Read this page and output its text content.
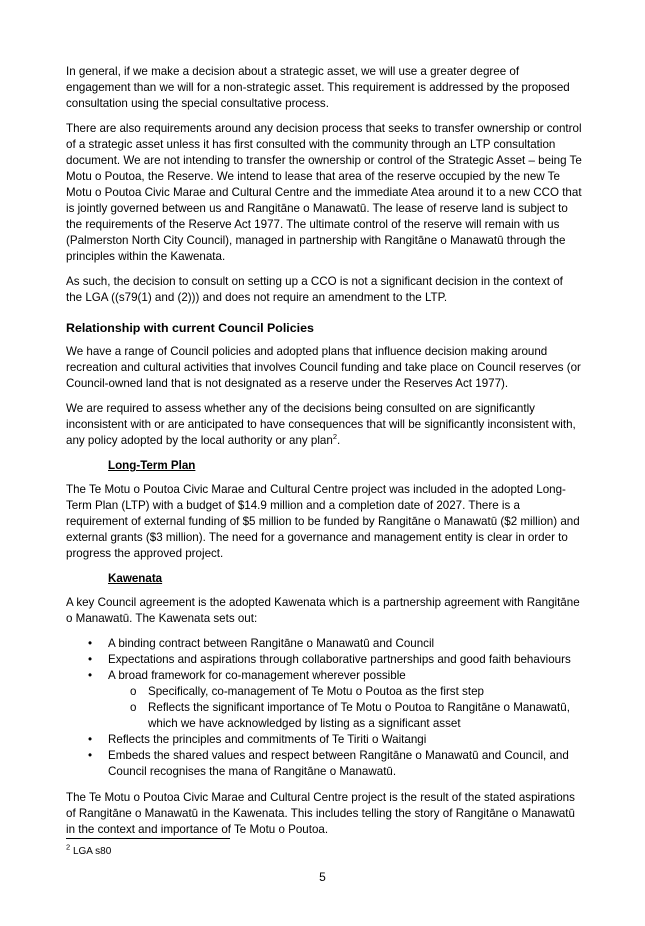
In general, if we make a decision about a strategic asset, we will use a greater degree of engagement than we will for a non-strategic asset. This requirement is addressed by the proposed consultation using the special consultative process.

There are also requirements around any decision process that seeks to transfer ownership or control of a strategic asset unless it has first consulted with the community through an LTP consultation document. We are not intending to transfer the ownership or control of the Strategic Asset – being Te Motu o Poutoa, the Reserve. We intend to lease that area of the reserve occupied by the new Te Motu o Poutoa Civic Marae and Cultural Centre and the immediate Atea around it to a new CCO that is jointly governed between us and Rangitāne o Manawatū. The lease of reserve land is subject to the requirements of the Reserve Act 1977. The ultimate control of the reserve will remain with us (Palmerston North City Council), managed in partnership with Rangitāne o Manawatū through the principles within the Kawenata.

As such, the decision to consult on setting up a CCO is not a significant decision in the context of the LGA ((s79(1) and (2))) and does not require an amendment to the LTP.

Relationship with current Council Policies

We have a range of Council policies and adopted plans that influence decision making around recreation and cultural activities that involves Council funding and take place on Council reserves (or Council-owned land that is not designated as a reserve under the Reserves Act 1977).

We are required to assess whether any of the decisions being consulted on are significantly inconsistent with or are anticipated to have consequences that will be significantly inconsistent with, any policy adopted by the local authority or any plan$^2$.

Long-Term Plan

The Te Motu o Poutoa Civic Marae and Cultural Centre project was included in the adopted Long-Term Plan (LTP) with a budget of $14.9 million and a completion date of 2027. There is a requirement of external funding of $5 million to be funded by Rangitāne o Manawatū ($2 million) and external grants ($3 million). The need for a governance and management entity is clear in order to progress the approved project.

Kawenata

A key Council agreement is the adopted Kawenata which is a partnership agreement with Rangitāne o Manawatū. The Kawenata sets out:

• A binding contract between Rangitāne o Manawatū and Council
• Expectations and aspirations through collaborative partnerships and good faith behaviours
• A broad framework for co-management wherever possible
o Specifically, co-management of Te Motu o Poutoa as the first step
o Reflects the significant importance of Te Motu o Poutoa to Rangitāne o Manawatū, which we have acknowledged by listing as a significant asset
• Reflects the principles and commitments of Te Tiriti o Waitangi
• Embeds the shared values and respect between Rangitāne o Manawatū and Council, and Council recognises the mana of Rangitāne o Manawatū.

The Te Motu o Poutoa Civic Marae and Cultural Centre project is the result of the stated aspirations of Rangitāne o Manawatū in the Kawenata. This includes telling the story of Rangitāne o Manawatū in the context and importance of Te Motu o Poutoa.

$^2$ LGA s80
5
